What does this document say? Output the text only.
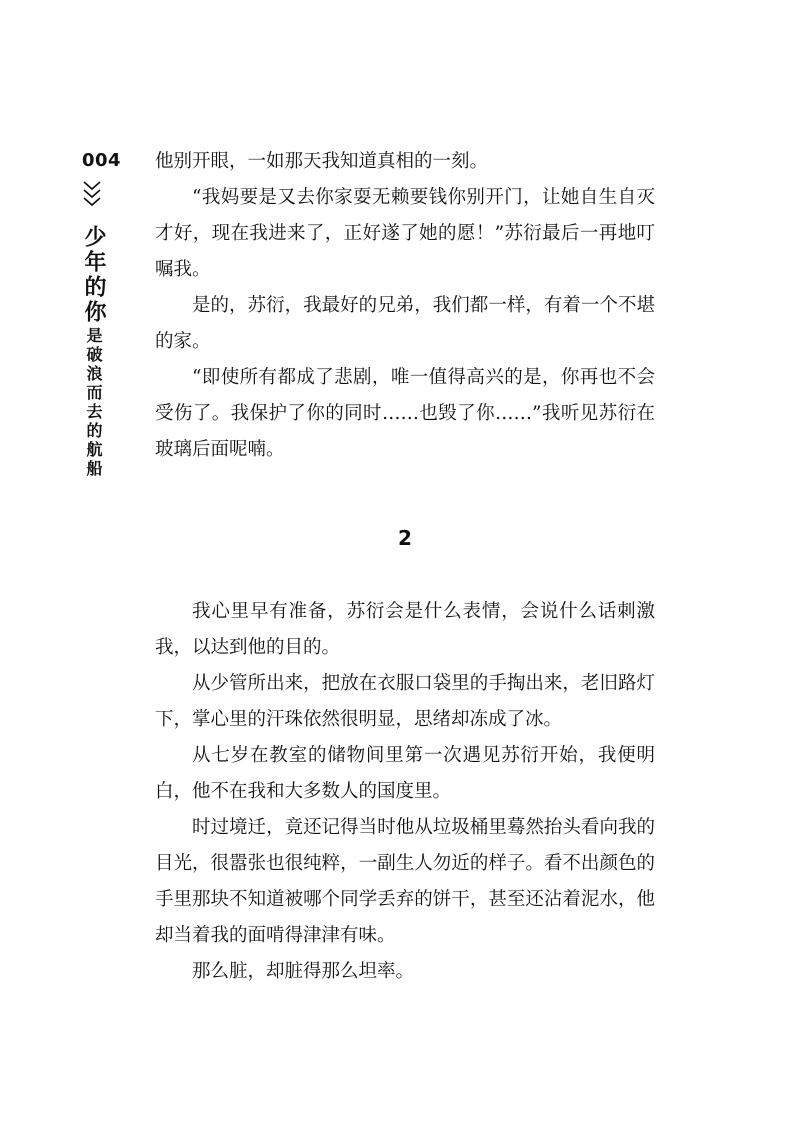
004
少年的你
是破浪而去的航船

他别开眼，一如那天我知道真相的一刻。

“我妈要是又去你家耍无赖要钱你别开门，让她自生自灭才好，现在我进来了，正好遂了她的愿！”苏衍最后一再地叮嘱我。

是的，苏衍，我最好的兄弟，我们都一样，有着一个不堪的家。

“即使所有都成了悲剧，唯一值得高兴的是，你再也不会受伤了。我保护了你的同时……也毁了你……”我听见苏衍在玻璃后面呢喃。

2

我心里早有准备，苏衍会是什么表情，会说什么话刺激我，以达到他的目的。

从少管所出来，把放在衣服口袋里的手掏出来，老旧路灯下，掌心里的汗珠依然很明显，思绪却冻成了冰。

从七岁在教室的储物间里第一次遇见苏衍开始，我便明白，他不在我和大多数人的国度里。

时过境迁，竟还记得当时他从垃圾桶里蓦然抬头看向我的目光，很嚣张也很纯粹，一副生人勿近的样子。看不出颜色的手里那块不知道被哪个同学丢弃的饼干，甚至还沾着泥水，他却当着我的面啃得津津有味。

那么脏，却脏得那么坦率。
